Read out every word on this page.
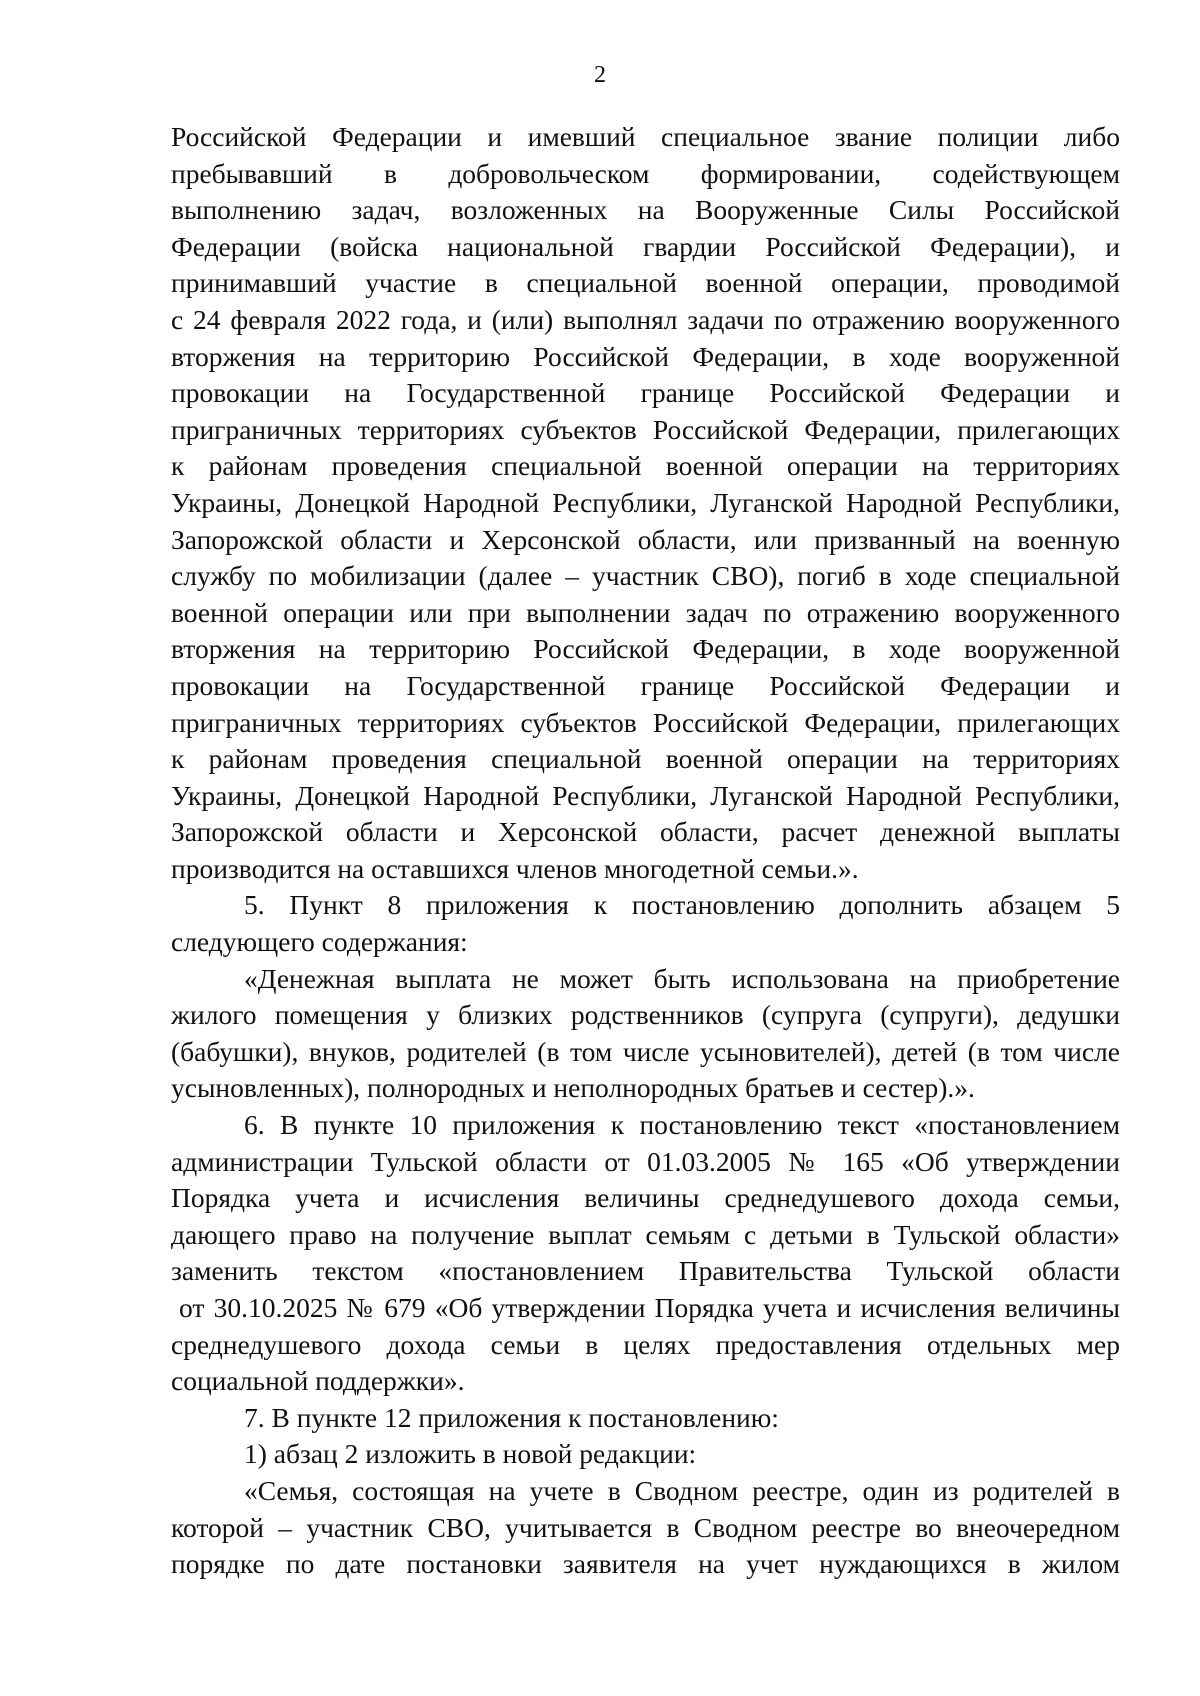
2
Российской Федерации и имевший специальное звание полиции либо
пребывавший в добровольческом формировании, содействующем
выполнению задач, возложенных на Вооруженные Силы Российской
Федерации (войска национальной гвардии Российской Федерации), и
принимавший участие в специальной военной операции, проводимой
с 24 февраля 2022 года, и (или) выполнял задачи по отражению вооруженного
вторжения на территорию Российской Федерации, в ходе вооруженной
провокации на Государственной границе Российской Федерации и
приграничных территориях субъектов Российской Федерации, прилегающих
к районам проведения специальной военной операции на территориях
Украины, Донецкой Народной Республики, Луганской Народной Республики,
Запорожской области и Херсонской области, или призванный на военную
службу по мобилизации (далее – участник СВО), погиб в ходе специальной
военной операции или при выполнении задач по отражению вооруженного
вторжения на территорию Российской Федерации, в ходе вооруженной
провокации на Государственной границе Российской Федерации и
приграничных территориях субъектов Российской Федерации, прилегающих
к районам проведения специальной военной операции на территориях
Украины, Донецкой Народной Республики, Луганской Народной Республики,
Запорожской области и Херсонской области, расчет денежной выплаты
производится на оставшихся членов многодетной семьи.».
5. Пункт 8 приложения к постановлению дополнить абзацем 5
следующего содержания:
«Денежная выплата не может быть использована на приобретение
жилого помещения у близких родственников (супруга (супруги), дедушки
(бабушки), внуков, родителей (в том числе усыновителей), детей (в том числе
усыновленных), полнородных и неполнородных братьев и сестер).».
6. В пункте 10 приложения к постановлению текст «постановлением
администрации Тульской области от 01.03.2005 № 165 «Об утверждении
Порядка учета и исчисления величины среднедушевого дохода семьи,
дающего право на получение выплат семьям с детьми в Тульской области»
заменить текстом «постановлением Правительства Тульской области
от 30.10.2025 № 679 «Об утверждении Порядка учета и исчисления величины
среднедушевого дохода семьи в целях предоставления отдельных мер
социальной поддержки».
7. В пункте 12 приложения к постановлению:
1) абзац 2 изложить в новой редакции:
«Семья, состоящая на учете в Сводном реестре, один из родителей в
которой – участник СВО, учитывается в Сводном реестре во внеочередном
порядке по дате постановки заявителя на учет нуждающихся в жилом
